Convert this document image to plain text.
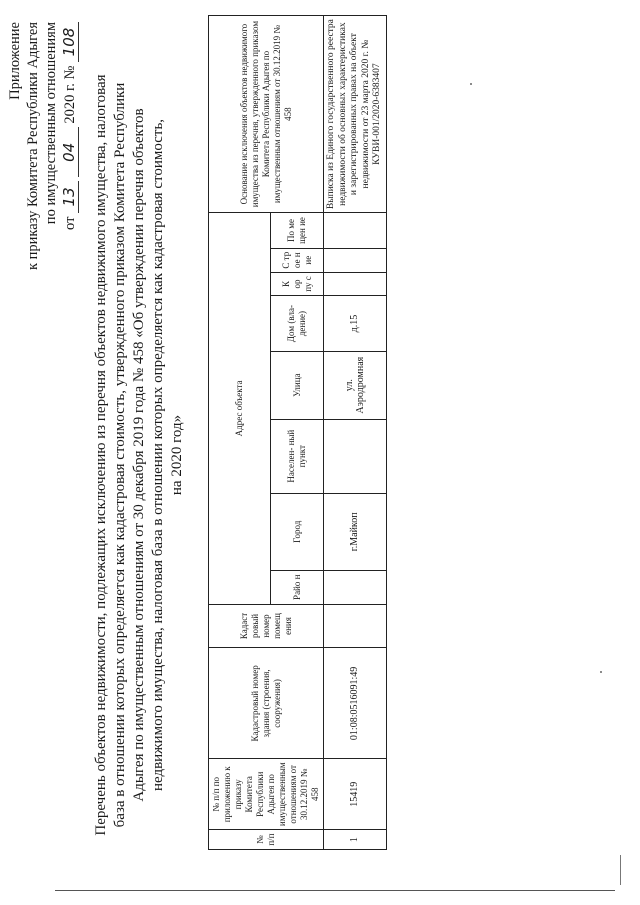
Приложение к приказу Комитета Республики Адыгея по имущественным отношениям от 13 04 2020 г. № 108
Перечень объектов недвижимости, подлежащих исключению из перечня объектов недвижимого имущества, налоговая база в отношении которых определяется как кадастровая стоимость, утвержденного приказом Комитета Республики Адыгея по имущественным отношениям от 30 декабря 2019 года № 458 «Об утверждении перечня объектов недвижимого имущества, налоговая база в отношении которых определяется как кадастровая стоимость, на 2020 год»
№ п/п	№ п/п по приложению к приказу Комитета Республики Адыгея по имущественным отношениям от 30.12.2019 № 458	Кадастровый номер здания (строения, сооружения)	Кадаст ровый номер помещ ения	Адрес объекта								Основание исключения объектов недвижимого имущества из перечня, утвержденного приказом Комитета Республики Адыгея по имущественным отношениям от 30.12.2019 № 458
				Райо н	Город	Населен- ный пункт	Улица	Дом (вла- дение)	К ор пу с	С тр ое н ие	По ме щен ие	
1	15419	01:08:0516091:49			г.Майкоп		ул. Аэродромная	д.15				Выписка из Единого государственного реестра недвижимости об основных характеристиках и зарегистрированных правах на объект недвижимости от 23 марта 2020 г. № КУВИ-001/2020-6383407
